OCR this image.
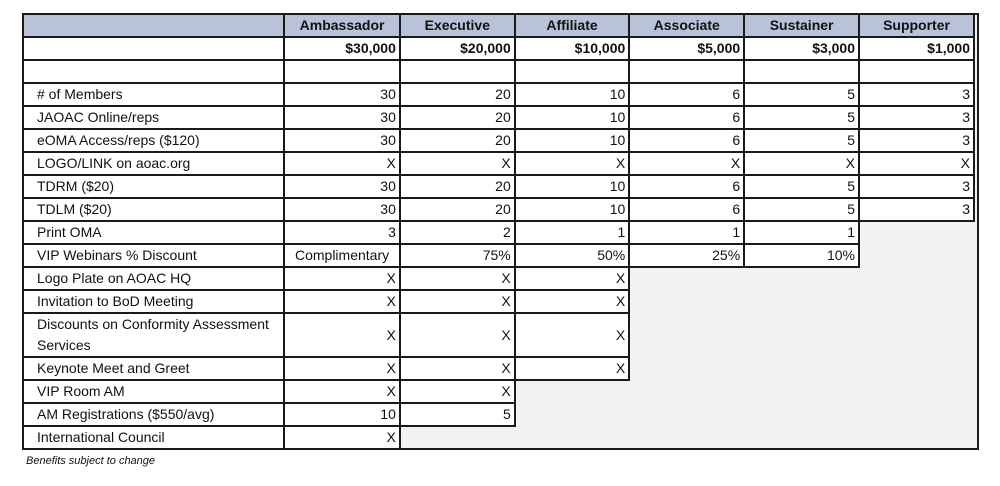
	Ambassador	Executive	Affiliate	Associate	Sustainer	Supporter
	$30,000	$20,000	$10,000	$5,000	$3,000	$1,000

# of Members	30	20	10	6	5	3
JAOAC Online/reps	30	20	10	6	5	3
eOMA Access/reps ($120)	30	20	10	6	5	3
LOGO/LINK on aoac.org	X	X	X	X	X	X
TDRM ($20)	30	20	10	6	5	3
TDLM ($20)	30	20	10	6	5	3
Print OMA	3	2	1	1	1	
VIP Webinars % Discount	Complimentary	75%	50%	25%	10%	
Logo Plate on AOAC HQ	X	X	X			
Invitation to BoD Meeting	X	X	X			
Discounts on Conformity Assessment Services	X	X	X			
Keynote Meet and Greet	X	X	X			
VIP Room AM	X	X				
AM Registrations ($550/avg)	10	5				
International Council	X					
Benefits subject to change
